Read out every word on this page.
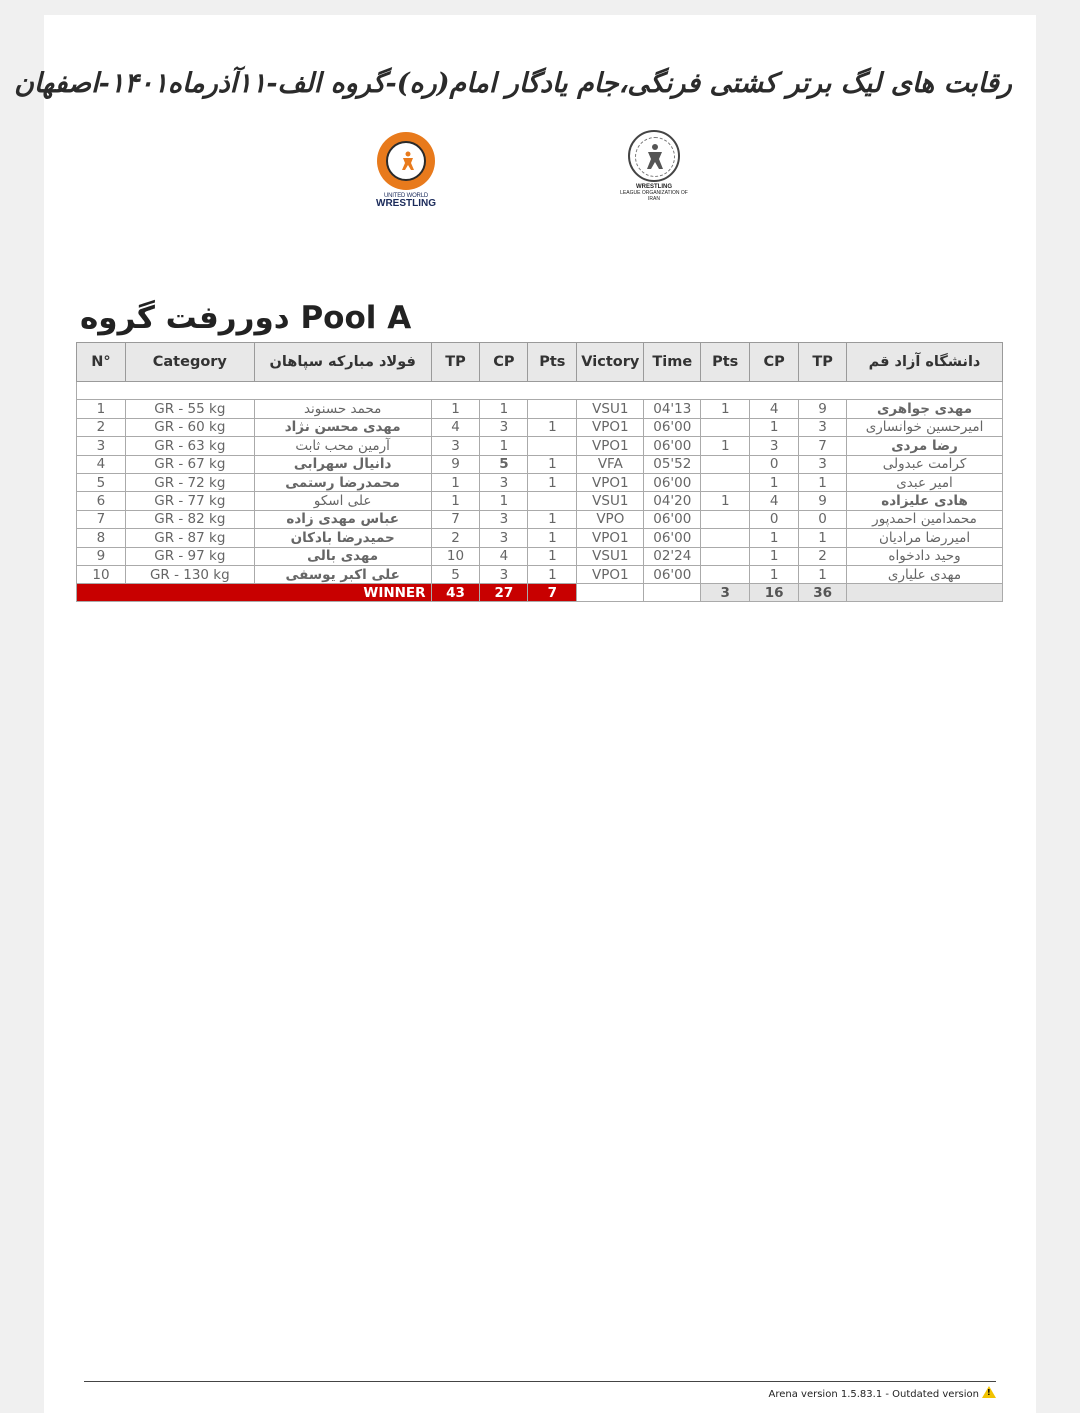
رقابت های لیگ برتر کشتی فرنگی،جام یادگار امام(ره)-گروه الف-۱۱آذرماه۱۴۰۱-اصفهان
UNITED WORLD
WRESTLING
WRESTLING
LEAGUE ORGANIZATION OF
IRAN
دوررفت گروه Pool A
N°	Category	فولاد مبارکه سپاهان	TP	CP	Pts	Victory	Time	Pts	CP	TP	دانشگاه آزاد قم

1	GR - 55 kg	محمد حسنوند	1	1		VSU1	04'13	1	4	9	مهدی جواهری
2	GR - 60 kg	مهدی محسن نژاد	4	3	1	VPO1	06'00		1	3	امیرحسین خوانساری
3	GR - 63 kg	آرمین محب ثابت	3	1		VPO1	06'00	1	3	7	رضا مردی
4	GR - 67 kg	دانیال سهرابی	9	5	1	VFA	05'52		0	3	کرامت عبدولی
5	GR - 72 kg	محمدرضا رستمی	1	3	1	VPO1	06'00		1	1	امیر عبدی
6	GR - 77 kg	علی اسکو	1	1		VSU1	04'20	1	4	9	هادی علیزاده
7	GR - 82 kg	عباس مهدی زاده	7	3	1	VPO	06'00		0	0	محمدامین احمدپور
8	GR - 87 kg	حمیدرضا بادکان	2	3	1	VPO1	06'00		1	1	امیررضا مرادیان
9	GR - 97 kg	مهدی بالی	10	4	1	VSU1	02'24		1	2	وحید دادخواه
10	GR - 130 kg	علی اکبر یوسفی	5	3	1	VPO1	06'00		1	1	مهدی علیاری
WINNER			43	27	7			3	16	36	
Arena version 1.5.83.1 - Outdated version !
